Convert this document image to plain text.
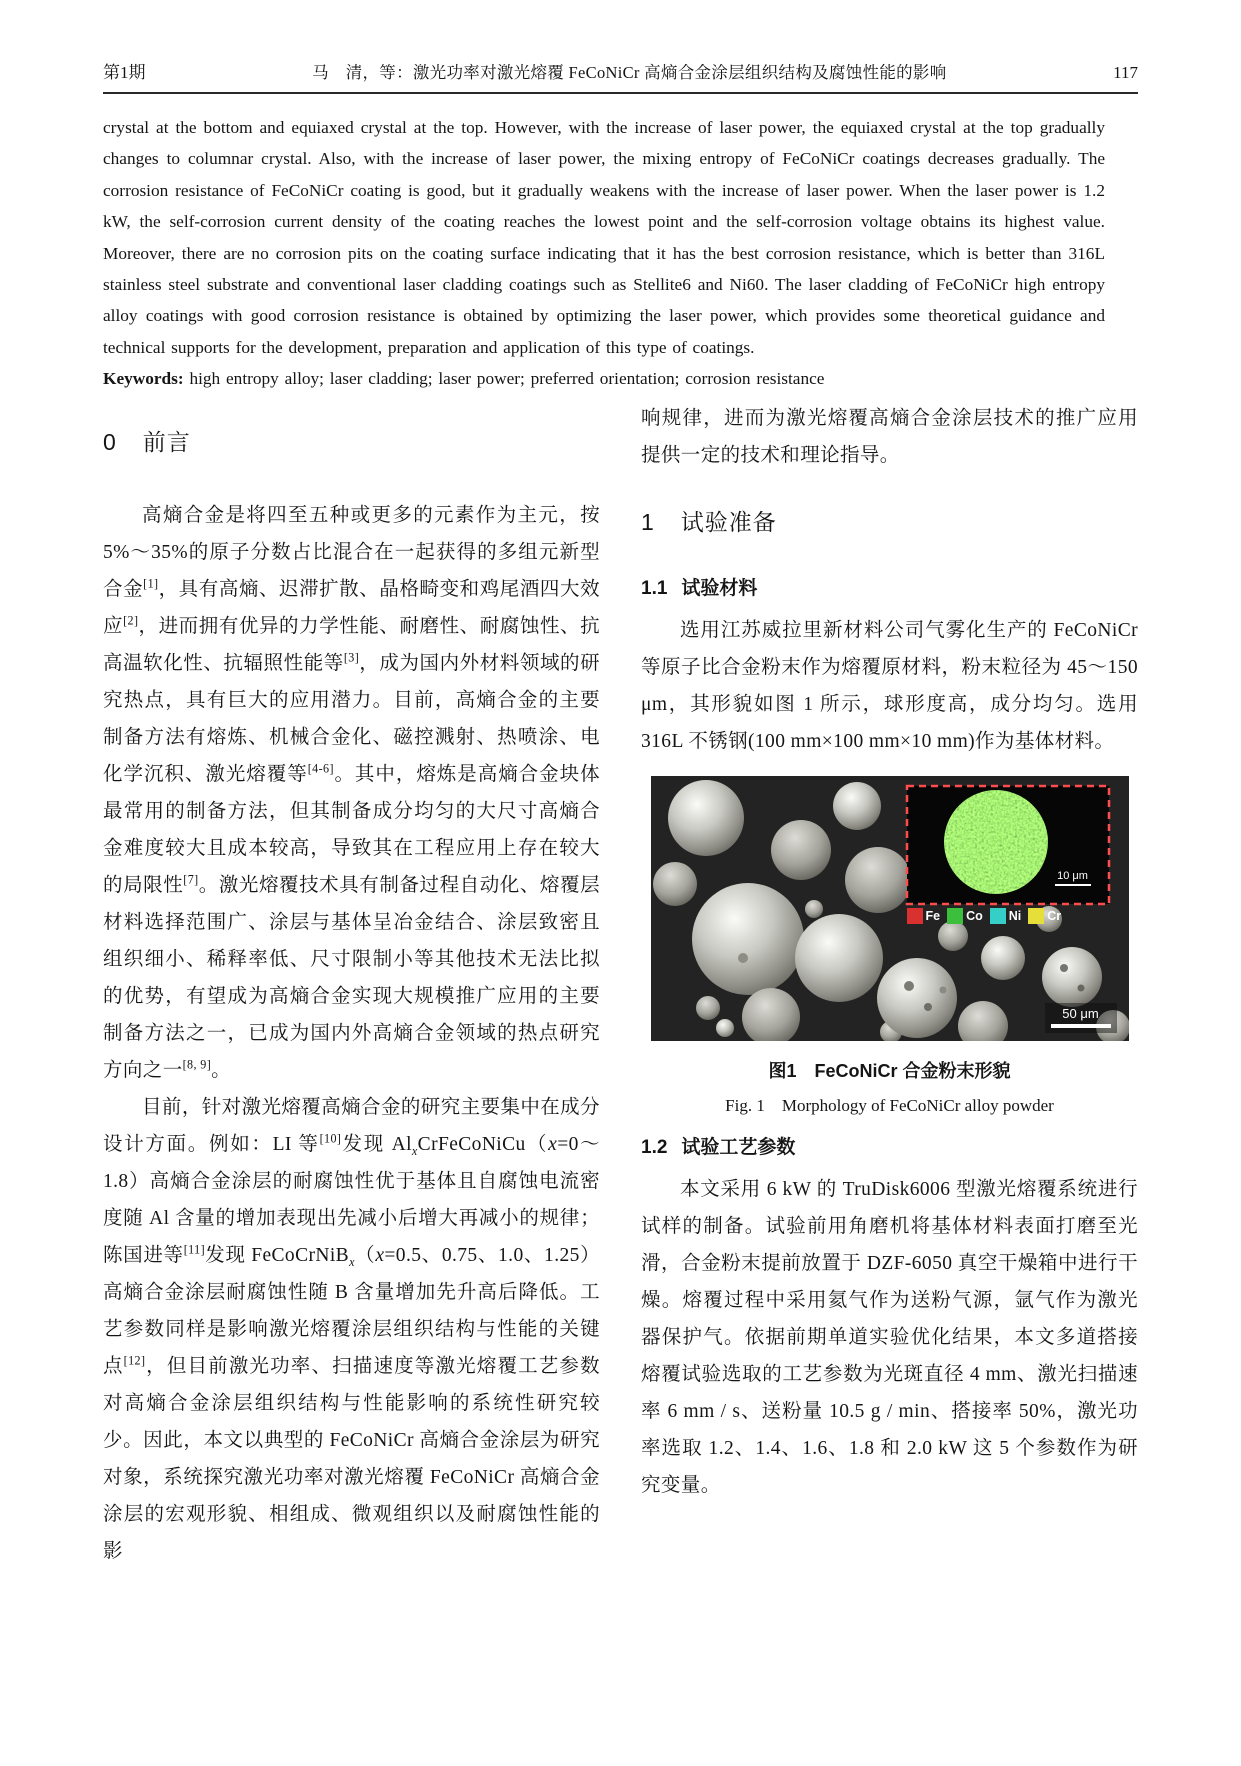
第1期	马　清，等：激光功率对激光熔覆 FeCoNiCr 高熵合金涂层组织结构及腐蚀性能的影响	117

crystal at the bottom and equiaxed crystal at the top. However, with the increase of laser power, the equiaxed crystal at the top gradually changes to columnar crystal. Also, with the increase of laser power, the mixing entropy of FeCoNiCr coatings decreases gradually. The corrosion resistance of FeCoNiCr coating is good, but it gradually weakens with the increase of laser power. When the laser power is 1.2 kW, the self-corrosion current density of the coating reaches the lowest point and the self-corrosion voltage obtains its highest value. Moreover, there are no corrosion pits on the coating surface indicating that it has the best corrosion resistance, which is better than 316L stainless steel substrate and conventional laser cladding coatings such as Stellite6 and Ni60. The laser cladding of FeCoNiCr high entropy alloy coatings with good corrosion resistance is obtained by optimizing the laser power, which provides some theoretical guidance and technical supports for the development, preparation and application of this type of coatings.

Keywords: high entropy alloy; laser cladding; laser power; preferred orientation; corrosion resistance

0 前言

高熵合金是将四至五种或更多的元素作为主元，按 5%～35%的原子分数占比混合在一起获得的多组元新型合金[1]，具有高熵、迟滞扩散、晶格畸变和鸡尾酒四大效应[2]，进而拥有优异的力学性能、耐磨性、耐腐蚀性、抗高温软化性、抗辐照性能等[3]，成为国内外材料领域的研究热点，具有巨大的应用潜力。目前，高熵合金的主要制备方法有熔炼、机械合金化、磁控溅射、热喷涂、电化学沉积、激光熔覆等[4-6]。其中，熔炼是高熵合金块体最常用的制备方法，但其制备成分均匀的大尺寸高熵合金难度较大且成本较高，导致其在工程应用上存在较大的局限性[7]。激光熔覆技术具有制备过程自动化、熔覆层材料选择范围广、涂层与基体呈冶金结合、涂层致密且组织细小、稀释率低、尺寸限制小等其他技术无法比拟的优势，有望成为高熵合金实现大规模推广应用的主要制备方法之一，已成为国内外高熵合金领域的热点研究方向之一[8, 9]。

目前，针对激光熔覆高熵合金的研究主要集中在成分设计方面。例如：LI 等[10]发现 $Al_xCrFeCoNiCu(x=0\sim 1.8)$高熵合金涂层的耐腐蚀性优于基体且自腐蚀电流密度随 Al 含量的增加表现出先减小后增大再减小的规律；陈国进等[11]发现 FeCoCrNiB$_x$（x=0.5、0.75、1.0、1.25）高熵合金涂层耐腐蚀性随 B 含量增加先升高后降低。工艺参数同样是影响激光熔覆涂层组织结构与性能的关键点[12]，但目前激光功率、扫描速度等激光熔覆工艺参数对高熵合金涂层组织结构与性能影响的系统性研究较少。因此，本文以典型的 FeCoNiCr 高熵合金涂层为研究对象，系统探究激光功率对激光熔覆 FeCoNiCr 高熵合金涂层的宏观形貌、相组成、微观组织以及耐腐蚀性能的影

响规律，进而为激光熔覆高熵合金涂层技术的推广应用提供一定的技术和理论指导。

1 试验准备
1.1 试验材料

选用江苏威拉里新材料公司气雾化生产的 FeCoNiCr 等原子比合金粉末作为熔覆原材料，粉末粒径为 45～150 μm，其形貌如图 1 所示，球形度高，成分均匀。选用 316L 不锈钢(100 mm×100 mm×10 mm)作为基体材料。

10 μm
Fe Co Ni Cr
50 μm
图1　FeCoNiCr 合金粉末形貌
Fig. 1　Morphology of FeCoNiCr alloy powder
1.2 试验工艺参数

本文采用 6 kW 的 TruDisk6006 型激光熔覆系统进行试样的制备。试验前用角磨机将基体材料表面打磨至光滑，合金粉末提前放置于 DZF-6050 真空干燥箱中进行干燥。熔覆过程中采用氦气作为送粉气源，氩气作为激光器保护气。依据前期单道实验优化结果，本文多道搭接熔覆试验选取的工艺参数为光斑直径 4 mm、激光扫描速率 6 mm / s、送粉量 10.5 g / min、搭接率 50%，激光功率选取 1.2、1.4、1.6、1.8 和 2.0 kW 这 5 个参数作为研究变量。
